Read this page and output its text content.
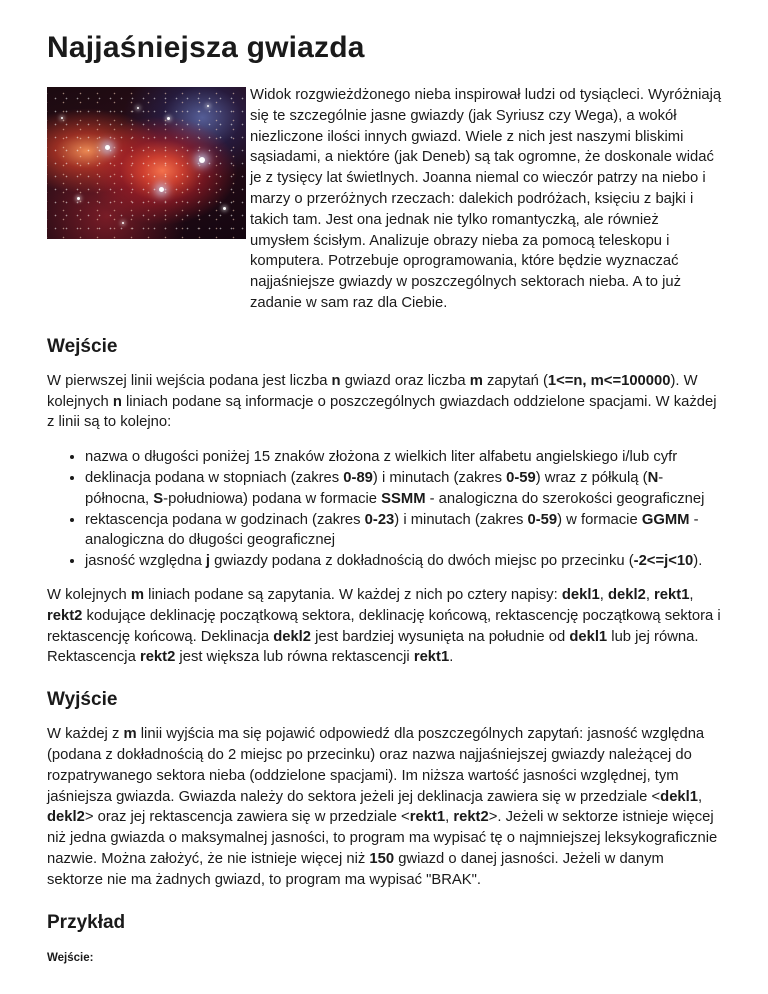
Najjaśniejsza gwiazda

Widok rozgwieżdżonego nieba inspirował ludzi od tysiącleci. Wyróżniają się te szczególnie jasne gwiazdy (jak Syriusz czy Wega), a wokół niezliczone ilości innych gwiazd. Wiele z nich jest naszymi bliskimi sąsiadami, a niektóre (jak Deneb) są tak ogromne, że doskonale widać je z tysięcy lat świetlnych. Joanna niemal co wieczór patrzy na niebo i marzy o przeróżnych rzeczach: dalekich podróżach, księciu z bajki i takich tam. Jest ona jednak nie tylko romantyczką, ale również umysłem ścisłym. Analizuje obrazy nieba za pomocą teleskopu i komputera. Potrzebuje oprogramowania, które będzie wyznaczać najjaśniejsze gwiazdy w poszczególnych sektorach nieba. A to już zadanie w sam raz dla Ciebie.

Wejście

W pierwszej linii wejścia podana jest liczba n gwiazd oraz liczba m zapytań (1<=n, m<=100000). W kolejnych n liniach podane są informacje o poszczególnych gwiazdach oddzielone spacjami. W każdej z linii są to kolejno:

• nazwa o długości poniżej 15 znaków złożona z wielkich liter alfabetu angielskiego i/lub cyfr
• deklinacja podana w stopniach (zakres 0-89) i minutach (zakres 0-59) wraz z półkulą (N-północna, S-południowa) podana w formacie SSMM - analogiczna do szerokości geograficznej
• rektascencja podana w godzinach (zakres 0-23) i minutach (zakres 0-59) w formacie GGMM - analogiczna do długości geograficznej
• jasność względna j gwiazdy podana z dokładnością do dwóch miejsc po przecinku (-2<=j<10).
W kolejnych m liniach podane są zapytania. W każdej z nich po cztery napisy: dekl1, dekl2, rekt1, rekt2 kodujące deklinację początkową sektora, deklinację końcową, rektascencję początkową sektora i rektascencję końcową. Deklinacja dekl2 jest bardziej wysunięta na południe od dekl1 lub jej równa. Rektascencja rekt2 jest większa lub równa rektascencji rekt1.
Wyjście

W każdej z m linii wyjścia ma się pojawić odpowiedź dla poszczególnych zapytań: jasność względna (podana z dokładnością do 2 miejsc po przecinku) oraz nazwa najjaśniejszej gwiazdy należącej do rozpatrywanego sektora nieba (oddzielone spacjami). Im niższa wartość jasności względnej, tym jaśniejsza gwiazda. Gwiazda należy do sektora jeżeli jej deklinacja zawiera się w przedziale <dekl1, dekl2> oraz jej rektascencja zawiera się w przedziale <rekt1, rekt2>. Jeżeli w sektorze istnieje więcej niż jedna gwiazda o maksymalnej jasności, to program ma wypisać tę o najmniejszej leksykograficznie nazwie. Można założyć, że nie istnieje więcej niż 150 gwiazd o danej jasności. Jeżeli w danym sektorze nie ma żadnych gwiazd, to program ma wypisać "BRAK".

Przykład
Wejście:
